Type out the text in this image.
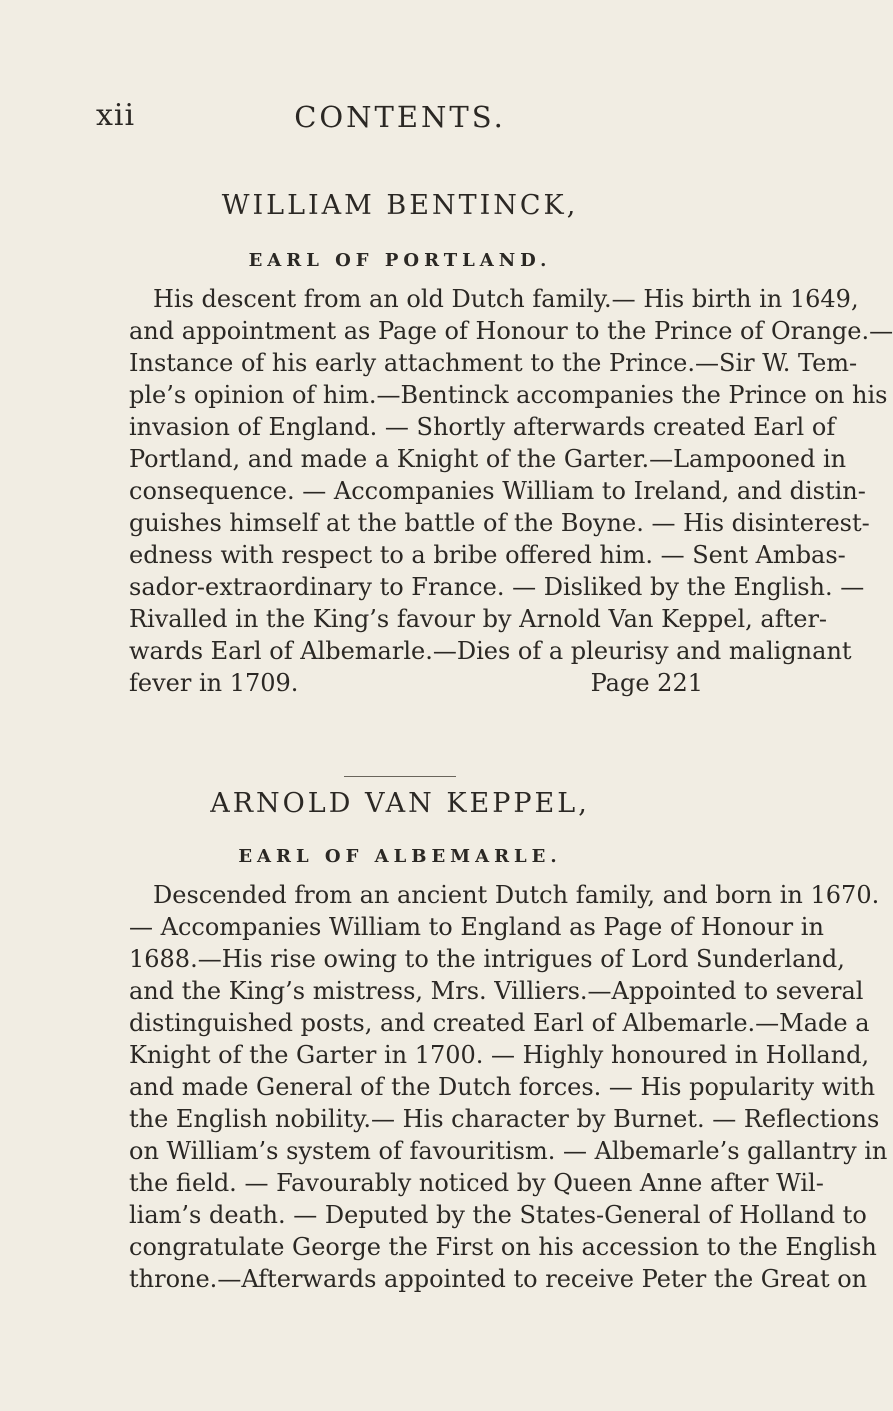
xii	CONTENTS.
WILLIAM BENTINCK,
EARL OF PORTLAND.
His descent from an old Dutch family.— His birth in 1649,
and appointment as Page of Honour to the Prince of Orange.—
Instance of his early attachment to the Prince.—Sir W. Tem-
ple’s opinion of him.—Bentinck accompanies the Prince on his
invasion of England. — Shortly afterwards created Earl of
Portland, and made a Knight of the Garter.—Lampooned in
consequence. — Accompanies William to Ireland, and distin-
guishes himself at the battle of the Boyne. — His disinterest-
edness with respect to a bribe offered him. — Sent Ambas-
sador-extraordinary to France. — Disliked by the English. —
Rivalled in the King’s favour by Arnold Van Keppel, after-
wards Earl of Albemarle.—Dies of a pleurisy and malignant
fever in 1709.	Page 221
ARNOLD VAN KEPPEL,
EARL OF ALBEMARLE.
Descended from an ancient Dutch family, and born in 1670.
— Accompanies William to England as Page of Honour in
1688.—His rise owing to the intrigues of Lord Sunderland,
and the King’s mistress, Mrs. Villiers.—Appointed to several
distinguished posts, and created Earl of Albemarle.—Made a
Knight of the Garter in 1700. — Highly honoured in Holland,
and made General of the Dutch forces. — His popularity with
the English nobility.— His character by Burnet. — Reflections
on William’s system of favouritism. — Albemarle’s gallantry in
the field. — Favourably noticed by Queen Anne after Wil-
liam’s death. — Deputed by the States-General of Holland to
congratulate George the First on his accession to the English
throne.—Afterwards appointed to receive Peter the Great on
